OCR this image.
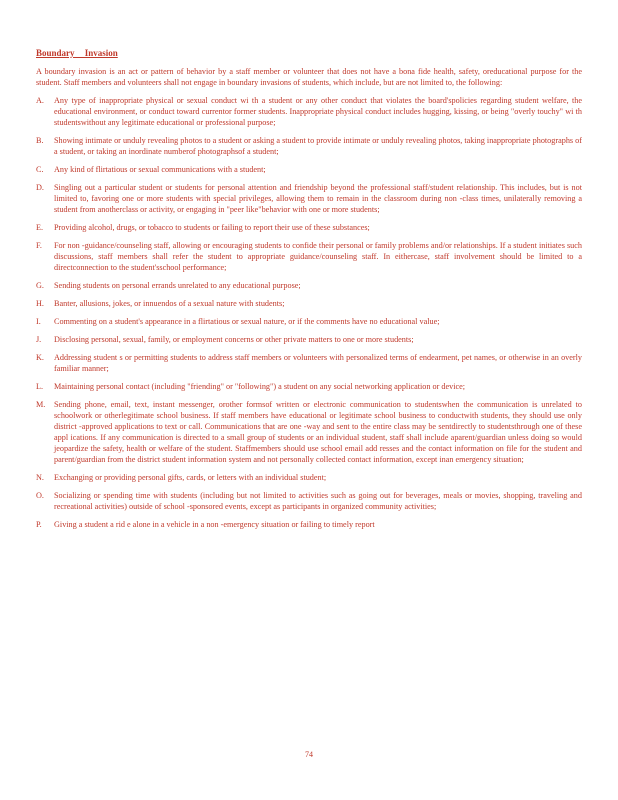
Boundary Invasion
A boundary invasion is an act or pattern of behavior by a staff member or volunteer that does not have a bona fide health, safety, oreducational purpose for the student. Staff members and volunteers shall not engage in boundary invasions of students, which include, but are not limited to, the following:
A. Any type of inappropriate physical or sexual conduct wi th a student or any other conduct that violates the board'spolicies regarding student welfare, the educational environment, or conduct toward currentor former students. Inappropriate physical conduct includes hugging, kissing, or being "overly touchy" wi th studentswithout any legitimate educational or professional purpose;
B. Showing intimate or unduly revealing photos to a student or asking a student to provide intimate or unduly revealing photos, taking inappropriate photographs of a student, or taking an inordinate numberof photographsof a student;
C. Any kind of flirtatious or sexual communications with a student;
D. Singling out a particular student or students for personal attention and friendship beyond the professional staff/student relationship. This includes, but is not limited to, favoring one or more students with special privileges, allowing them to remain in the classroom during non -class times, unilaterally removing a student from anotherclass or activity, or engaging in "peer like"behavior with one or more students;
E. Providing alcohol, drugs, or tobacco to students or failing to report their use of these substances;
F. For non -guidance/counseling staff, allowing or encouraging students to confide their personal or family problems and/or relationships. If a student initiates such discussions, staff members shall refer the student to appropriate guidance/counseling staff. In eithercase, staff involvement should be limited to a directconnection to the student'sschool performance;
G. Sending students on personal errands unrelated to any educational purpose;
H. Banter, allusions, jokes, or innuendos of a sexual nature with students;
I. Commenting on a student's appearance in a flirtatious or sexual nature, or if the comments have no educational value;
J. Disclosing personal, sexual, family, or employment concerns or other private matters to one or more students;
K. Addressing student s or permitting students to address staff members or volunteers with personalized terms of endearment, pet names, or otherwise in an overly familiar manner;
L. Maintaining personal contact (including "friending" or "following") a student on any social networking application or device;
M. Sending phone, email, text, instant messenger, orother formsof written or electronic communication to studentswhen the communication is unrelated to schoolwork or otherlegitimate school business. If staff members have educational or legitimate school business to conductwith students, they should use only district -approved applications to text or call. Communications that are one -way and sent to the entire class may be sentdirectly to studentsthrough one of these appl ications. If any communication is directed to a small group of students or an individual student, staff shall include aparent/guardian unless doing so would jeopardize the safety, health or welfare of the student. Staffmembers should use school email add resses and the contact information on file for the student and parent/guardian from the district student information system and not personally collected contact information, except inan emergency situation;
N. Exchanging or providing personal gifts, cards, or letters with an individual student;
O. Socializing or spending time with students (including but not limited to activities such as going out for beverages, meals or movies, shopping, traveling and recreational activities) outside of school -sponsored events, except as participants in organized community activities;
P. Giving a student a rid e alone in a vehicle in a non -emergency situation or failing to timely report
74
